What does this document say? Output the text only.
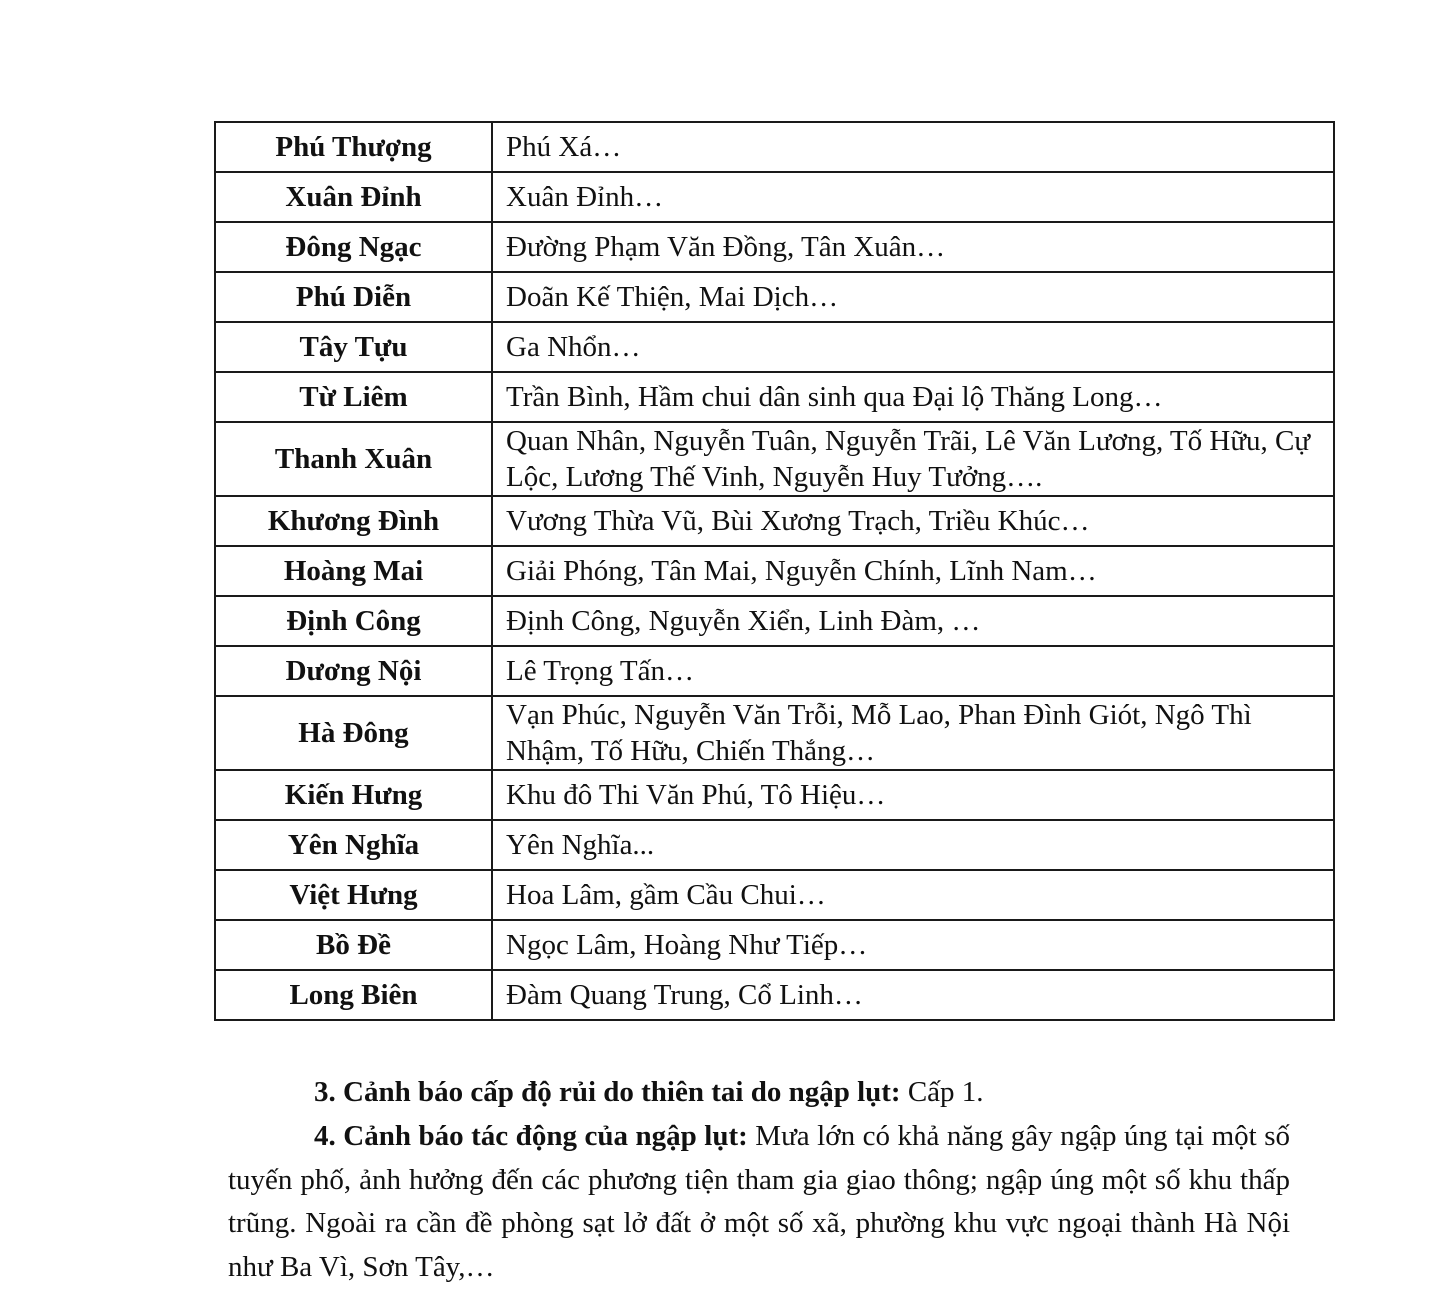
Phú Thượng	Phú Xá…
Xuân Đỉnh	Xuân Đỉnh…
Đông Ngạc	Đường Phạm Văn Đồng, Tân Xuân…
Phú Diễn	Doãn Kế Thiện, Mai Dịch…
Tây Tựu	Ga Nhổn…
Từ Liêm	Trần Bình, Hầm chui dân sinh qua Đại lộ Thăng Long…
Thanh Xuân	Quan Nhân, Nguyễn Tuân, Nguyễn Trãi, Lê Văn Lương, Tố Hữu, Cự Lộc, Lương Thế Vinh, Nguyễn Huy Tưởng….
Khương Đình	Vương Thừa Vũ, Bùi Xương Trạch, Triều Khúc…
Hoàng Mai	Giải Phóng, Tân Mai, Nguyễn Chính, Lĩnh Nam…
Định Công	Định Công, Nguyễn Xiển, Linh Đàm, …
Dương Nội	Lê Trọng Tấn…
Hà Đông	Vạn Phúc, Nguyễn Văn Trỗi, Mỗ Lao, Phan Đình Giót, Ngô Thì Nhậm, Tố Hữu, Chiến Thắng…
Kiến Hưng	Khu đô Thi Văn Phú, Tô Hiệu…
Yên Nghĩa	Yên Nghĩa...
Việt Hưng	Hoa Lâm, gầm Cầu Chui…
Bồ Đề	Ngọc Lâm, Hoàng Như Tiếp…
Long Biên	Đàm Quang Trung, Cổ Linh…

3. Cảnh báo cấp độ rủi do thiên tai do ngập lụt: Cấp 1.

4. Cảnh báo tác động của ngập lụt: Mưa lớn có khả năng gây ngập úng tại một số tuyến phố, ảnh hưởng đến các phương tiện tham gia giao thông; ngập úng một số khu thấp trũng. Ngoài ra cần đề phòng sạt lở đất ở một số xã, phường khu vực ngoại thành Hà Nội như Ba Vì, Sơn Tây,…
